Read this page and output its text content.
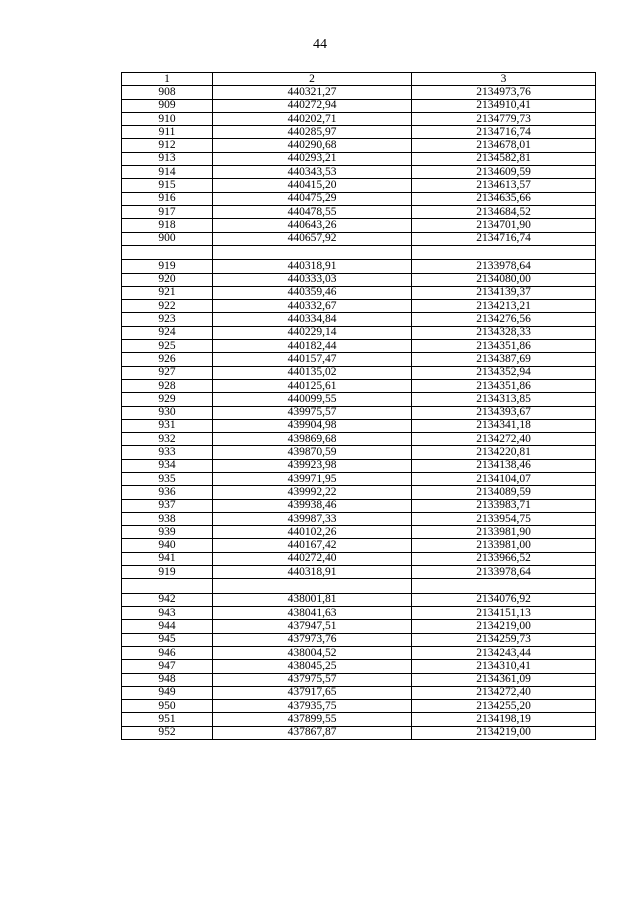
44
1	2	3
908	440321,27	2134973,76
909	440272,94	2134910,41
910	440202,71	2134779,73
911	440285,97	2134716,74
912	440290,68	2134678,01
913	440293,21	2134582,81
914	440343,53	2134609,59
915	440415,20	2134613,57
916	440475,29	2134635,66
917	440478,55	2134684,52
918	440643,26	2134701,90
900	440657,92	2134716,74

919	440318,91	2133978,64
920	440333,03	2134080,00
921	440359,46	2134139,37
922	440332,67	2134213,21
923	440334,84	2134276,56
924	440229,14	2134328,33
925	440182,44	2134351,86
926	440157,47	2134387,69
927	440135,02	2134352,94
928	440125,61	2134351,86
929	440099,55	2134313,85
930	439975,57	2134393,67
931	439904,98	2134341,18
932	439869,68	2134272,40
933	439870,59	2134220,81
934	439923,98	2134138,46
935	439971,95	2134104,07
936	439992,22	2134089,59
937	439938,46	2133983,71
938	439987,33	2133954,75
939	440102,26	2133981,90
940	440167,42	2133981,00
941	440272,40	2133966,52
919	440318,91	2133978,64

942	438001,81	2134076,92
943	438041,63	2134151,13
944	437947,51	2134219,00
945	437973,76	2134259,73
946	438004,52	2134243,44
947	438045,25	2134310,41
948	437975,57	2134361,09
949	437917,65	2134272,40
950	437935,75	2134255,20
951	437899,55	2134198,19
952	437867,87	2134219,00
